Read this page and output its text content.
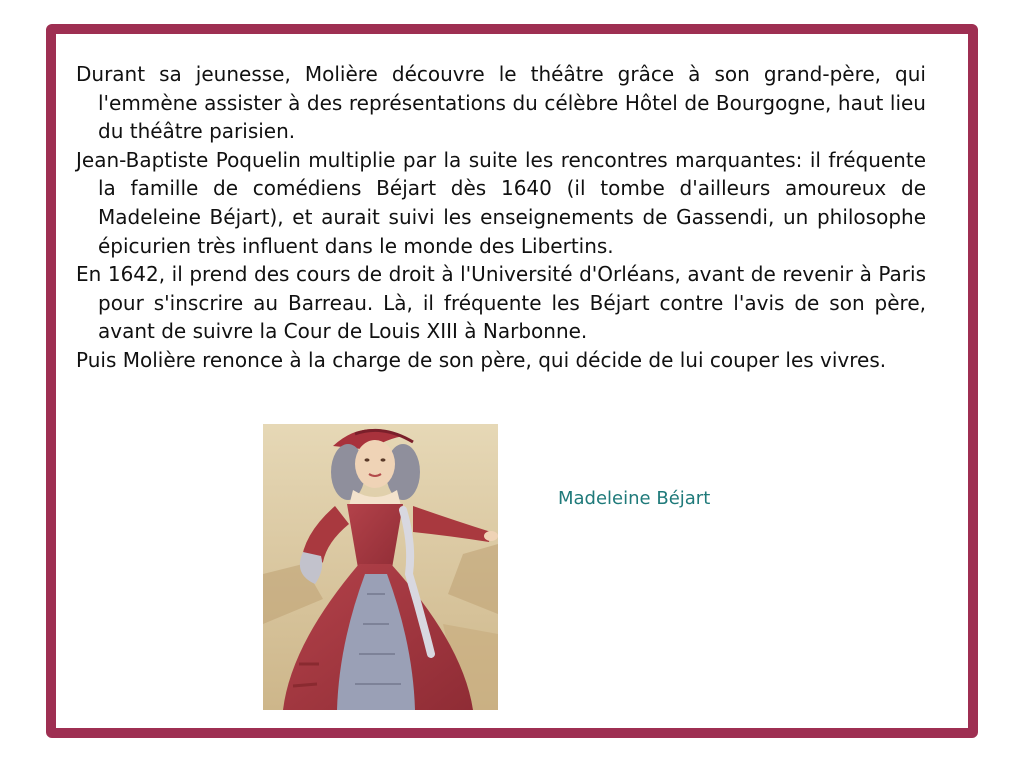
Durant sa jeunesse, Molière découvre le théâtre grâce à son grand-père, qui l'emmène assister à des représentations du célèbre Hôtel de Bourgogne, haut lieu du théâtre parisien.

Jean-Baptiste Poquelin multiplie par la suite les rencontres marquantes: il fréquente la famille de comédiens Béjart dès 1640 (il tombe d'ailleurs amoureux de Madeleine Béjart), et aurait suivi les enseignements de Gassendi, un philosophe épicurien très influent dans le monde des Libertins.

En 1642, il prend des cours de droit à l'Université d'Orléans, avant de revenir à Paris pour s'inscrire au Barreau. Là, il fréquente les Béjart contre l'avis de son père, avant de suivre la Cour de Louis XIII à Narbonne.

Puis Molière renonce à la charge de son père, qui décide de lui couper les vivres.

Madeleine Béjart
